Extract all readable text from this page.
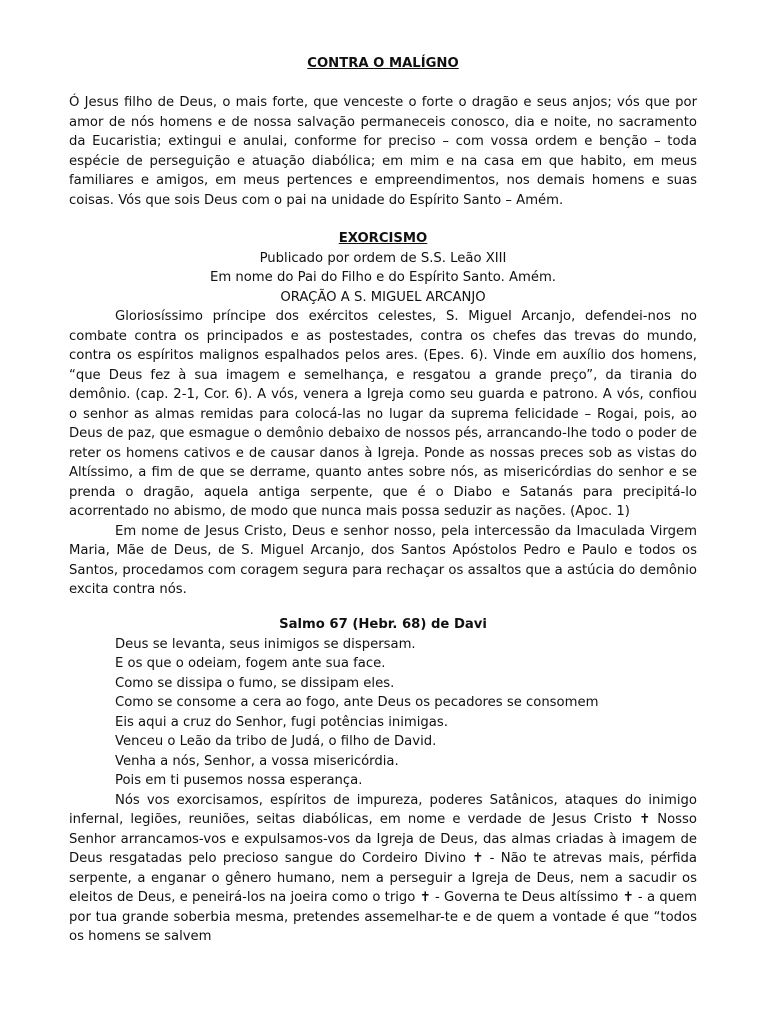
CONTRA O MALÍGNO

Ó Jesus filho de Deus, o mais forte, que venceste o forte o dragão e seus anjos; vós que por amor de nós homens e de nossa salvação permaneceis conosco, dia e noite, no sacramento da Eucaristia; extingui e anulai, conforme for preciso – com vossa ordem e benção – toda espécie de perseguição e atuação diabólica; em mim e na casa em que habito, em meus familiares e amigos, em meus pertences e empreendimentos, nos demais homens e suas coisas. Vós que sois Deus com o pai na unidade do Espírito Santo – Amém.

EXORCISMO
Publicado por ordem de S.S. Leão XIII
Em nome do Pai do Filho e do Espírito Santo. Amém.
ORAÇÃO A S. MIGUEL ARCANJO

Gloriosíssimo príncipe dos exércitos celestes, S. Miguel Arcanjo, defendei-nos no combate contra os principados e as postestades, contra os chefes das trevas do mundo, contra os espíritos malignos espalhados pelos ares. (Epes. 6). Vinde em auxílio dos homens, “que Deus fez à sua imagem e semelhança, e resgatou a grande preço”, da tirania do demônio. (cap. 2-1, Cor. 6). A vós, venera a Igreja como seu guarda e patrono. A vós, confiou o senhor as almas remidas para colocá-las no lugar da suprema felicidade – Rogai, pois, ao Deus de paz, que esmague o demônio debaixo de nossos pés, arrancando-lhe todo o poder de reter os homens cativos e de causar danos à Igreja. Ponde as nossas preces sob as vistas do Altíssimo, a fim de que se derrame, quanto antes sobre nós, as misericórdias do senhor e se prenda o dragão, aquela antiga serpente, que é o Diabo e Satanás para precipitá-lo acorrentado no abismo, de modo que nunca mais possa seduzir as nações. (Apoc. 1)

Em nome de Jesus Cristo, Deus e senhor nosso, pela intercessão da Imaculada Virgem Maria, Mãe de Deus, de S. Miguel Arcanjo, dos Santos Apóstolos Pedro e Paulo e todos os Santos, procedamos com coragem segura para rechaçar os assaltos que a astúcia do demônio excita contra nós.

Salmo 67 (Hebr. 68) de Davi
Deus se levanta, seus inimigos se dispersam.
E os que o odeiam, fogem ante sua face.
Como se dissipa o fumo, se dissipam eles.
Como se consome a cera ao fogo, ante Deus os pecadores se consomem
Eis aqui a cruz do Senhor, fugi potências inimigas.
Venceu o Leão da tribo de Judá, o filho de David.
Venha a nós, Senhor, a vossa misericórdia.
Pois em ti pusemos nossa esperança.

Nós vos exorcisamos, espíritos de impureza, poderes Satânicos, ataques do inimigo infernal, legiões, reuniões, seitas diabólicas, em nome e verdade de Jesus Cristo ✝ Nosso Senhor arrancamos-vos e expulsamos-vos da Igreja de Deus, das almas criadas à imagem de Deus resgatadas pelo precioso sangue do Cordeiro Divino ✝ - Não te atrevas mais, pérfida serpente, a enganar o gênero humano, nem a perseguir a Igreja de Deus, nem a sacudir os eleitos de Deus, e peneirá-los na joeira como o trigo ✝ - Governa te Deus altíssimo ✝ - a quem por tua grande soberbia mesma, pretendes assemelhar-te e de quem a vontade é que “todos os homens se salvem
